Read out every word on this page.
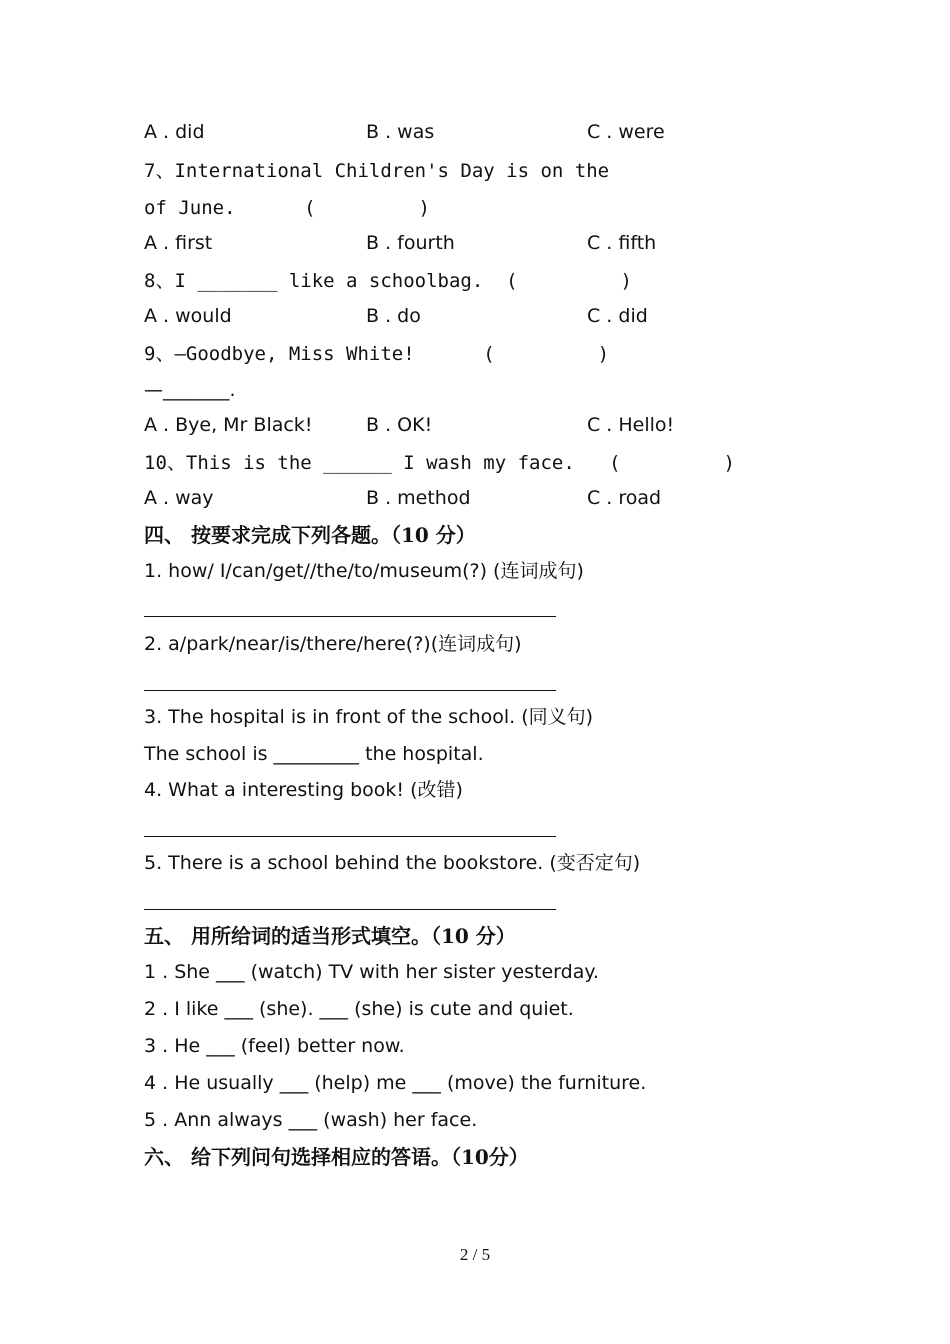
A . did	B . was	C . were
7、International Children's Day is on the
of June.      (         )
A . first	B . fourth	C . fifth
8、I _______ like a schoolbag.  (         )
A . would	B . do	C . did
9、—Goodbye, Miss White!      (         )
—_______.
A . Bye, Mr Black!	B . OK!	C . Hello!
10、This is the ______ I wash my face.   (         )
A . way	B . method	C . road
四、 按要求完成下列各题。（10 分）
1. how/ I/can/get//the/to/museum(?) (连词成句)
2. a/park/near/is/there/here(?)(连词成句)
3. The hospital is in front of the school. (同义句)
The school is _________ the hospital.
4. What a interesting book! (改错)
5. There is a school behind the bookstore. (变否定句)
五、 用所给词的适当形式填空。（10 分）
1 . She ___ (watch) TV with her sister yesterday.
2 . I like ___ (she). ___ (she) is cute and quiet.
3 . He ___ (feel) better now.
4 . He usually ___ (help) me ___ (move) the furniture.
5 . Ann always ___ (wash) her face.
六、 给下列问句选择相应的答语。（10分）
2 / 5
